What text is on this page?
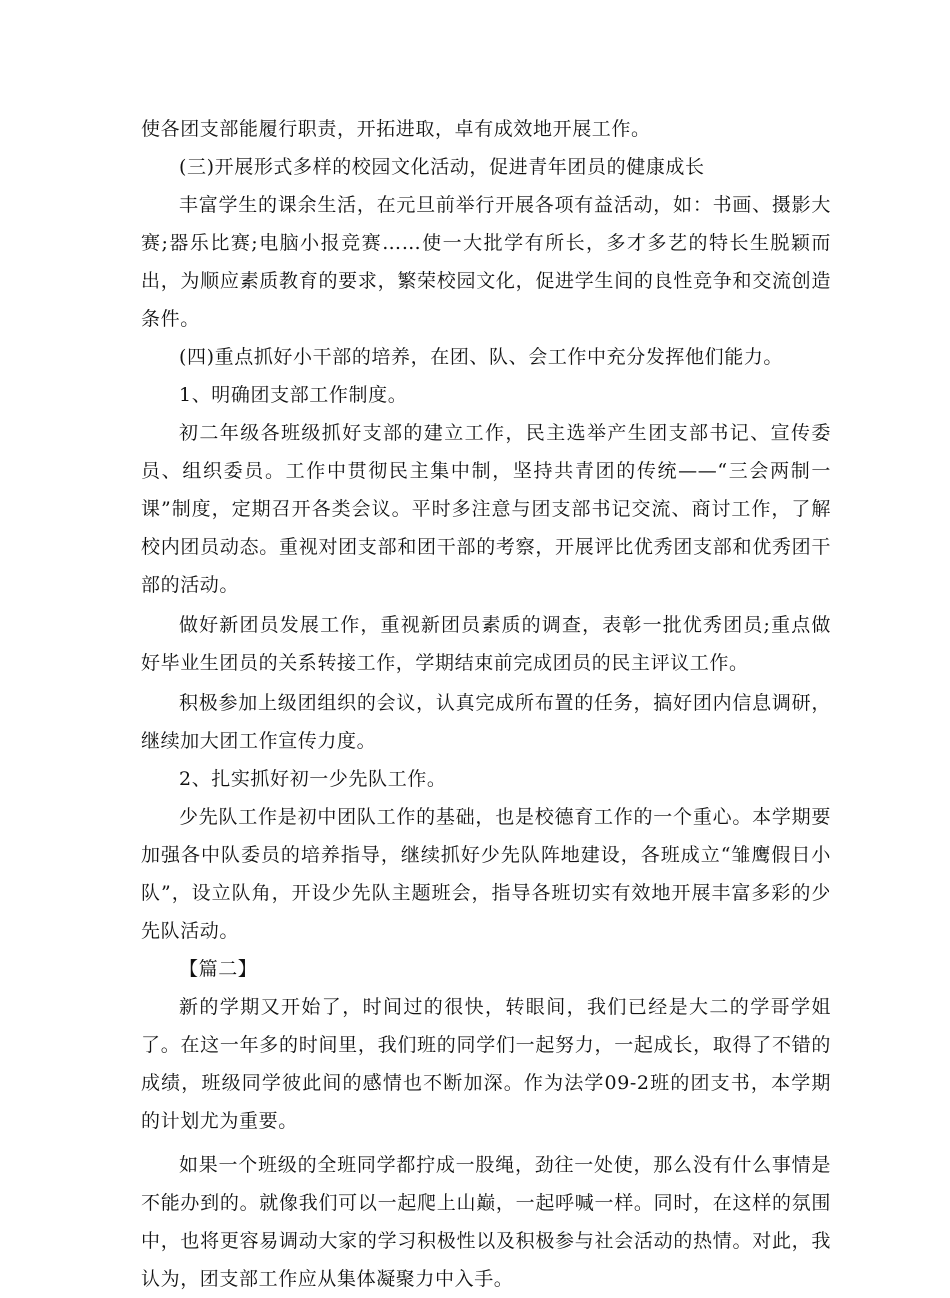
使各团支部能履行职责，开拓进取，卓有成效地开展工作。

(三)开展形式多样的校园文化活动，促进青年团员的健康成长

丰富学生的课余生活，在元旦前举行开展各项有益活动，如：书画、摄影大赛;器乐比赛;电脑小报竞赛……使一大批学有所长，多才多艺的特长生脱颖而出，为顺应素质教育的要求，繁荣校园文化，促进学生间的良性竞争和交流创造条件。

(四)重点抓好小干部的培养，在团、队、会工作中充分发挥他们能力。

1、明确团支部工作制度。

初二年级各班级抓好支部的建立工作，民主选举产生团支部书记、宣传委员、组织委员。工作中贯彻民主集中制，坚持共青团的传统——“三会两制一课”制度，定期召开各类会议。平时多注意与团支部书记交流、商讨工作，了解校内团员动态。重视对团支部和团干部的考察，开展评比优秀团支部和优秀团干部的活动。

做好新团员发展工作，重视新团员素质的调查，表彰一批优秀团员;重点做好毕业生团员的关系转接工作，学期结束前完成团员的民主评议工作。

积极参加上级团组织的会议，认真完成所布置的任务，搞好团内信息调研，继续加大团工作宣传力度。

2、扎实抓好初一少先队工作。

少先队工作是初中团队工作的基础，也是校德育工作的一个重心。本学期要加强各中队委员的培养指导，继续抓好少先队阵地建设，各班成立“雏鹰假日小队”，设立队角，开设少先队主题班会，指导各班切实有效地开展丰富多彩的少先队活动。

【篇二】

新的学期又开始了，时间过的很快，转眼间，我们已经是大二的学哥学姐了。在这一年多的时间里，我们班的同学们一起努力，一起成长，取得了不错的成绩，班级同学彼此间的感情也不断加深。作为法学09-2班的团支书，本学期的计划尤为重要。

如果一个班级的全班同学都拧成一股绳，劲往一处使，那么没有什么事情是不能办到的。就像我们可以一起爬上山巅，一起呼喊一样。同时，在这样的氛围中，也将更容易调动大家的学习积极性以及积极参与社会活动的热情。对此，我认为，团支部工作应从集体凝聚力中入手。
